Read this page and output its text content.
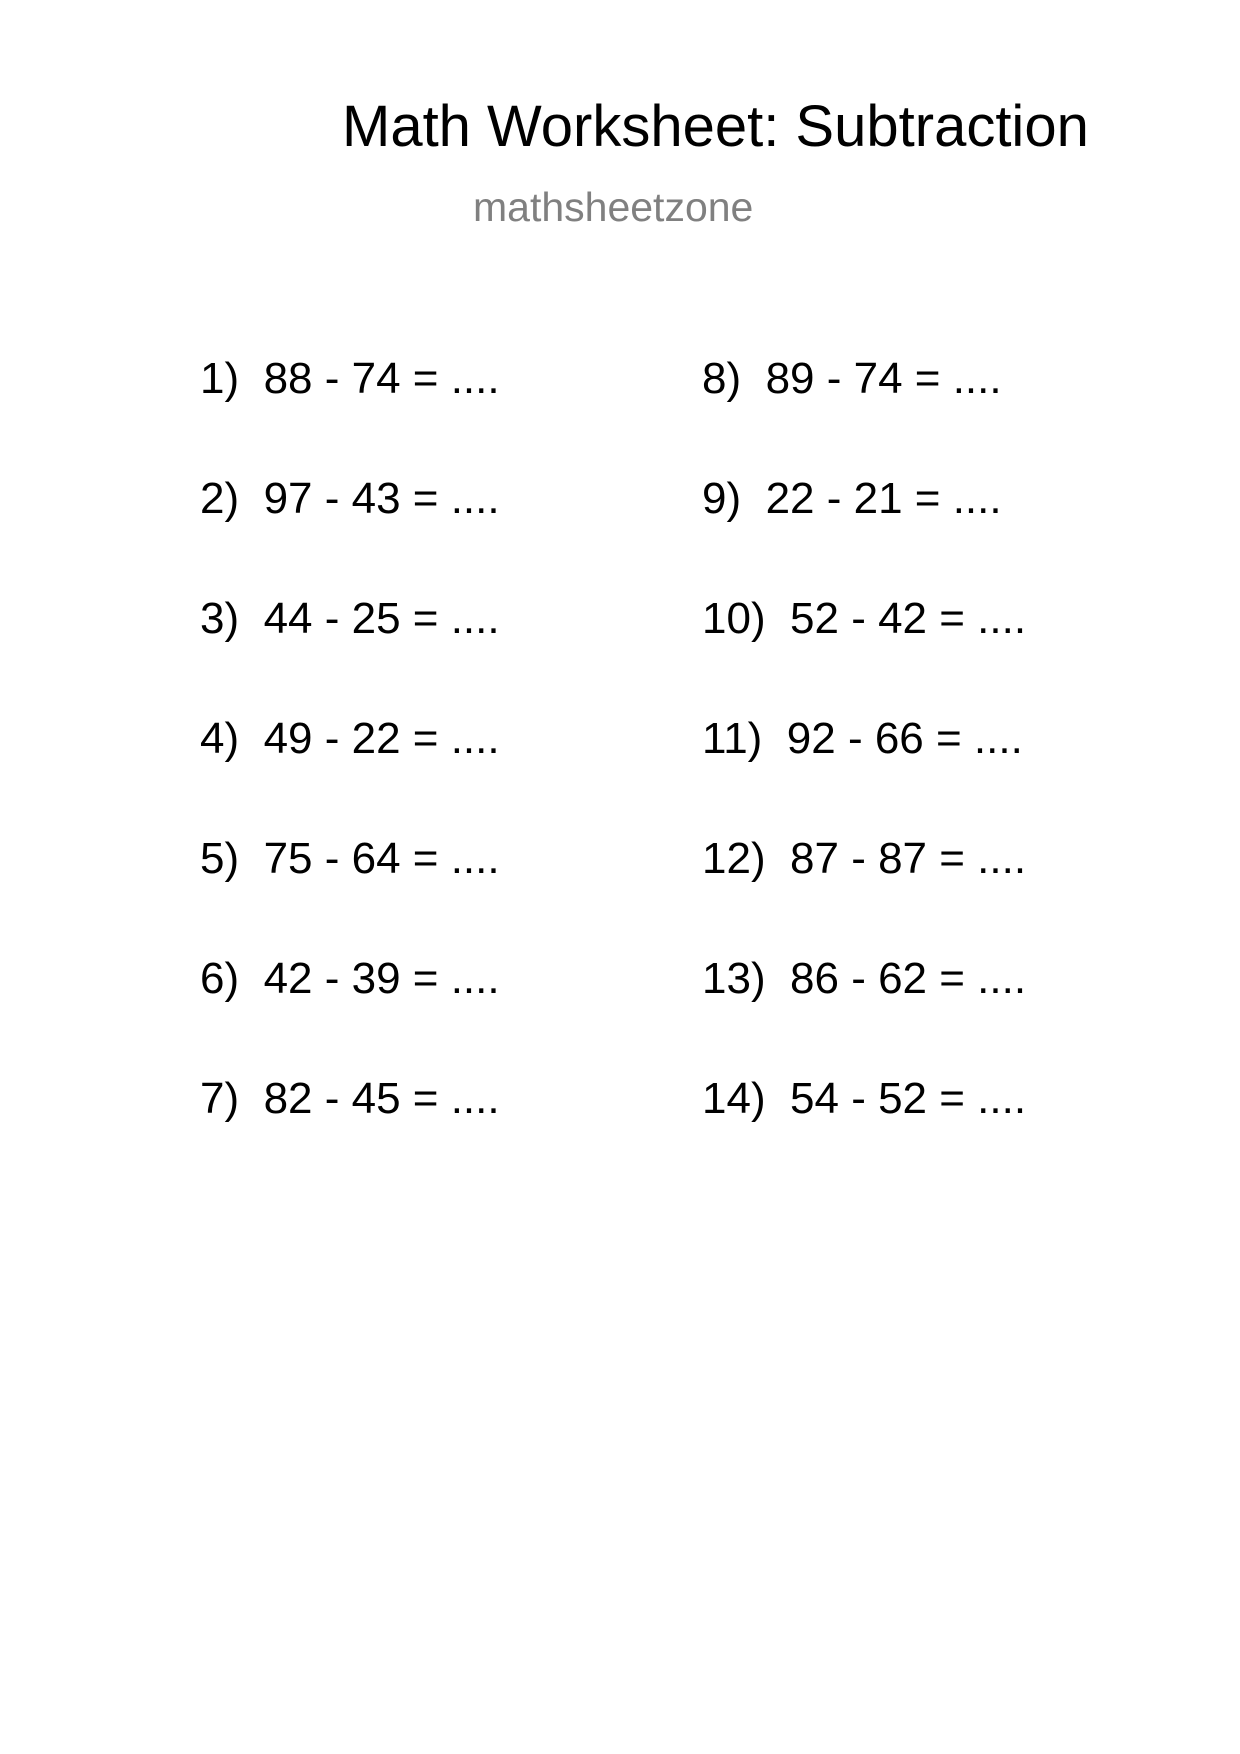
Math Worksheet: Subtraction
mathsheetzone
1)  88 - 74 = ....
2)  97 - 43 = ....
3)  44 - 25 = ....
4)  49 - 22 = ....
5)  75 - 64 = ....
6)  42 - 39 = ....
7)  82 - 45 = ....
8)  89 - 74 = ....
9)  22 - 21 = ....
10)  52 - 42 = ....
11)  92 - 66 = ....
12)  87 - 87 = ....
13)  86 - 62 = ....
14)  54 - 52 = ....
